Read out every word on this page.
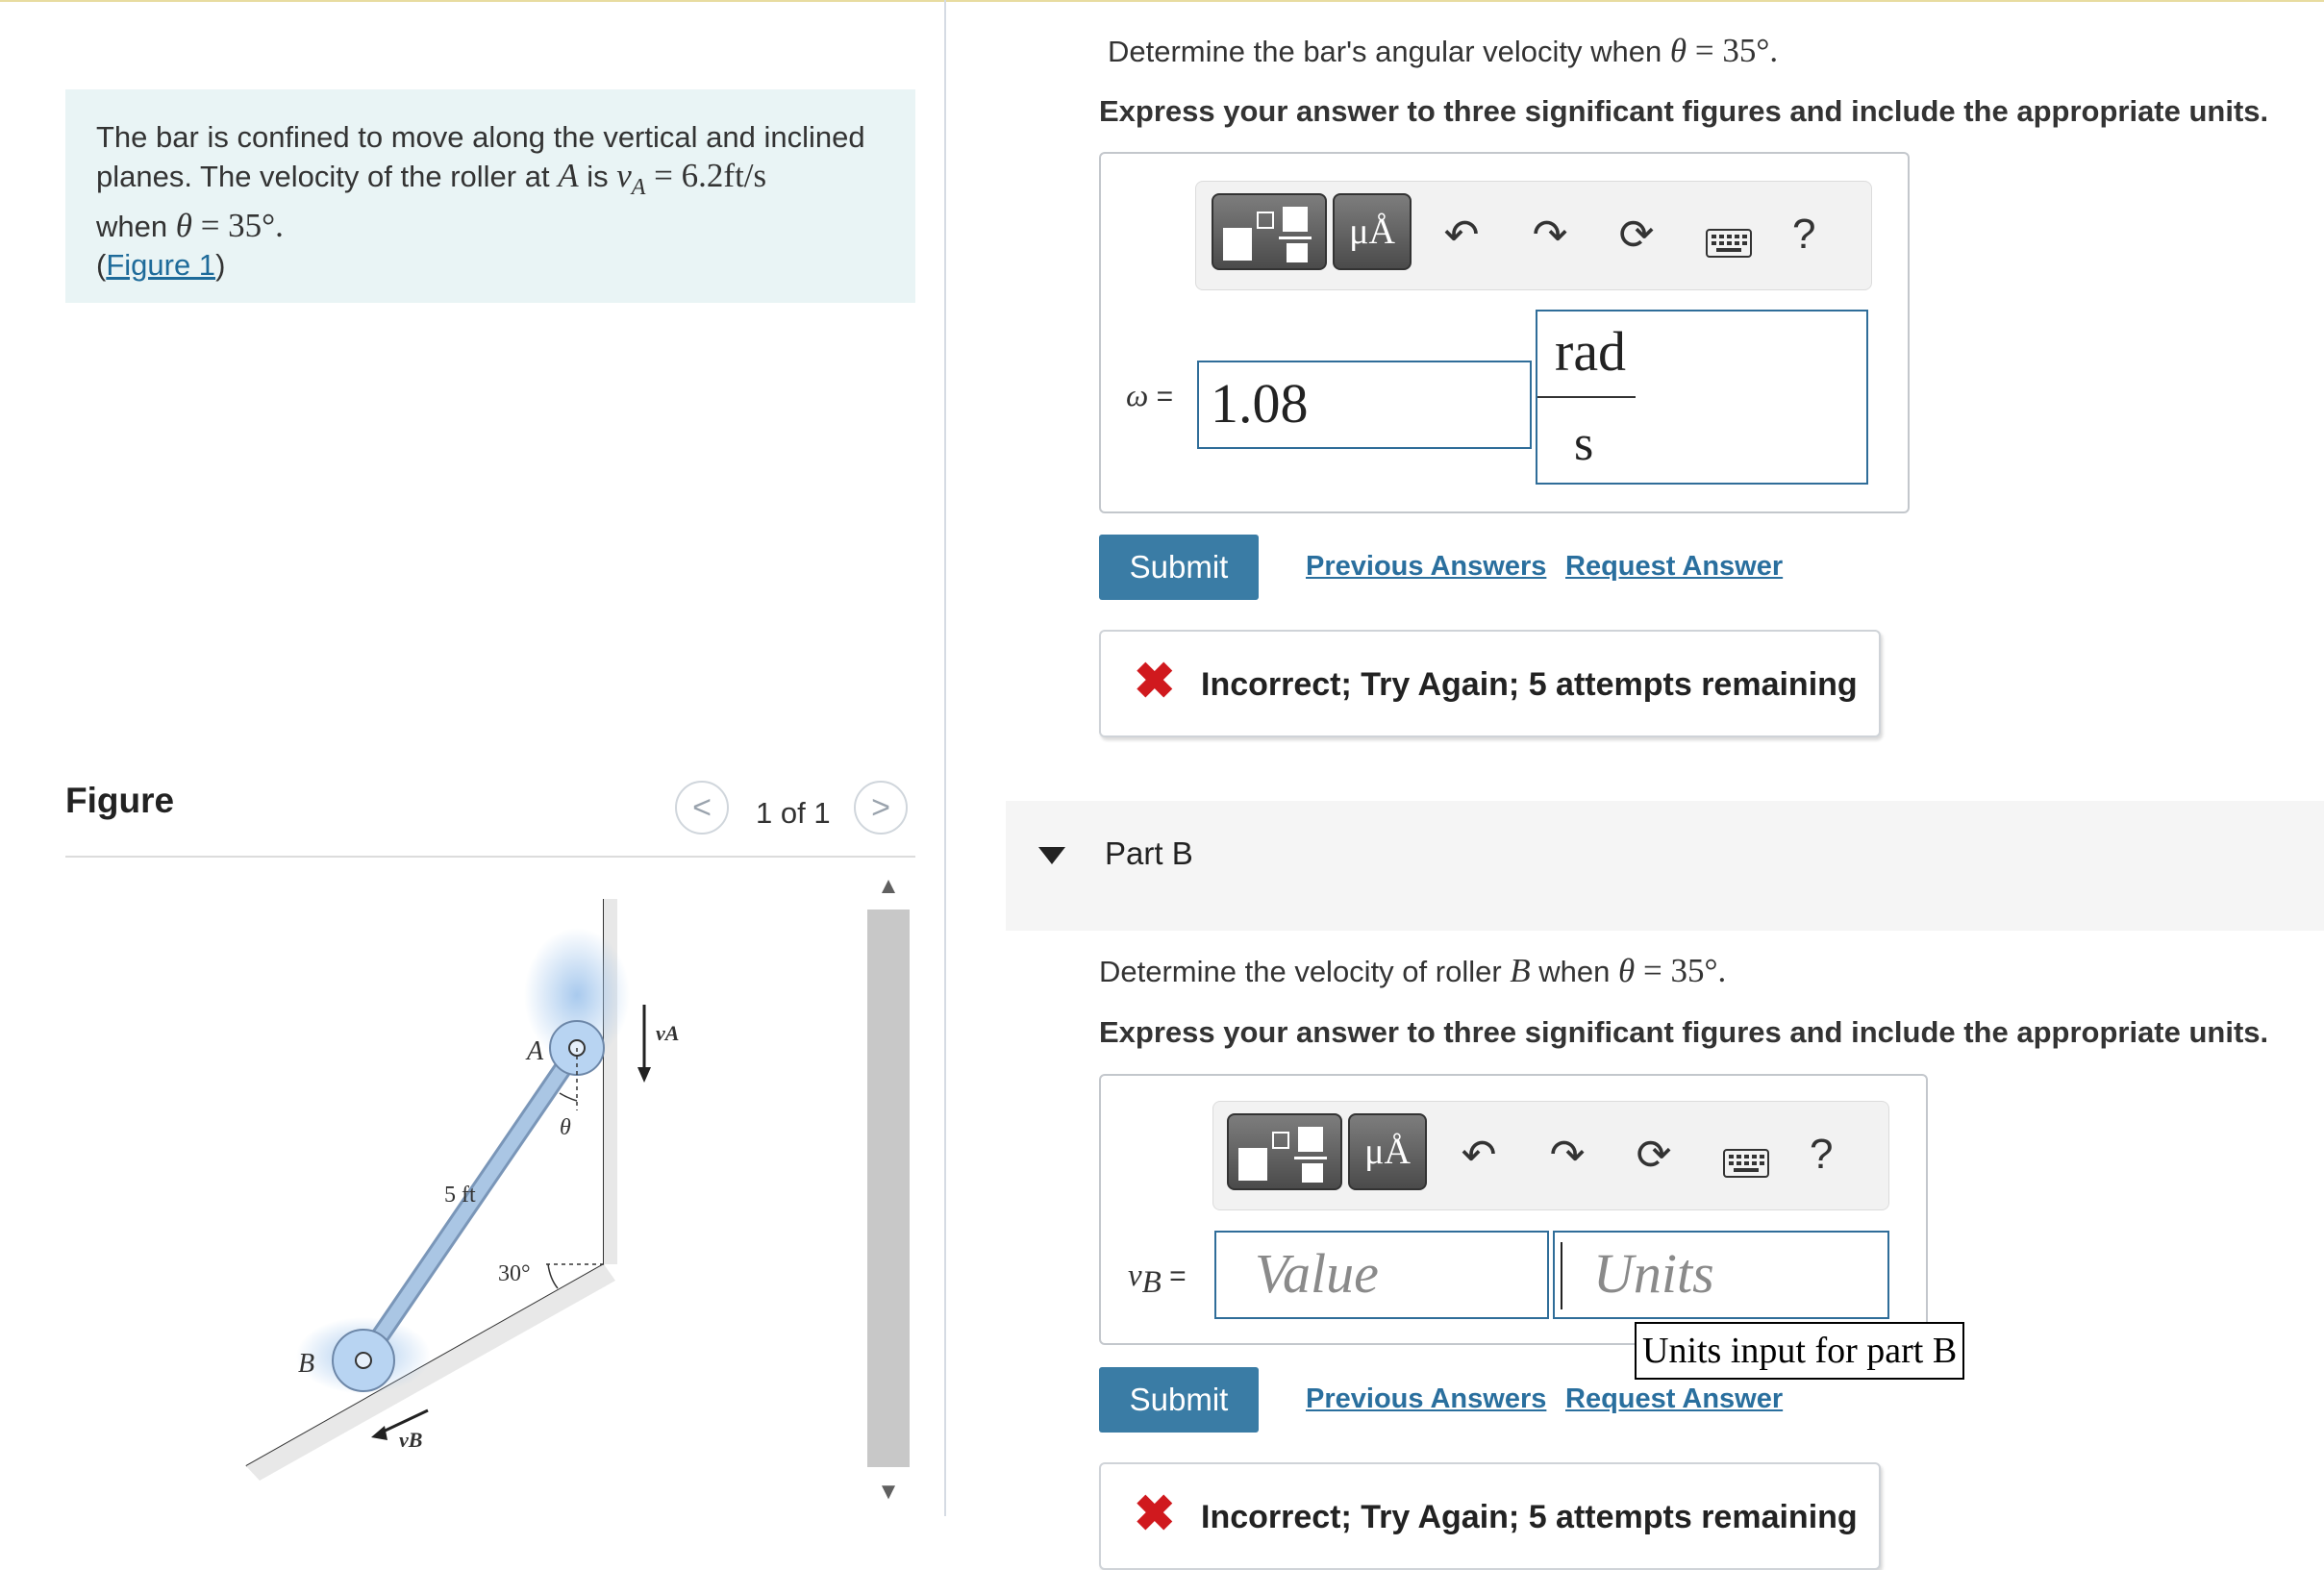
The bar is confined to move along the vertical and inclined

planes. The velocity of the roller at A is $v_A = 6.2ft/s$

when θ = 35°.

(Figure 1)

Figure	< 1 of 1 >
θ
30°
A
B
5 ft
vA
vB
▲
▼
Determine the bar's angular velocity when θ = 35°.
Express your answer to three significant figures and include the appropriate units.
μÅ ↶ ↷ ⟳	?
ω = 1.08
rad
s
Submit	Previous Answers Request Answer
✖ Incorrect; Try Again; 5 attempts remaining
Part B
Determine the velocity of roller B when θ = 35°.
Express your answer to three significant figures and include the appropriate units.
μÅ ↶ ↷ ⟳	?
$v_B$ =	Value	Units
Units input for part B
Submit	Previous Answers Request Answer
✖ Incorrect; Try Again; 5 attempts remaining
